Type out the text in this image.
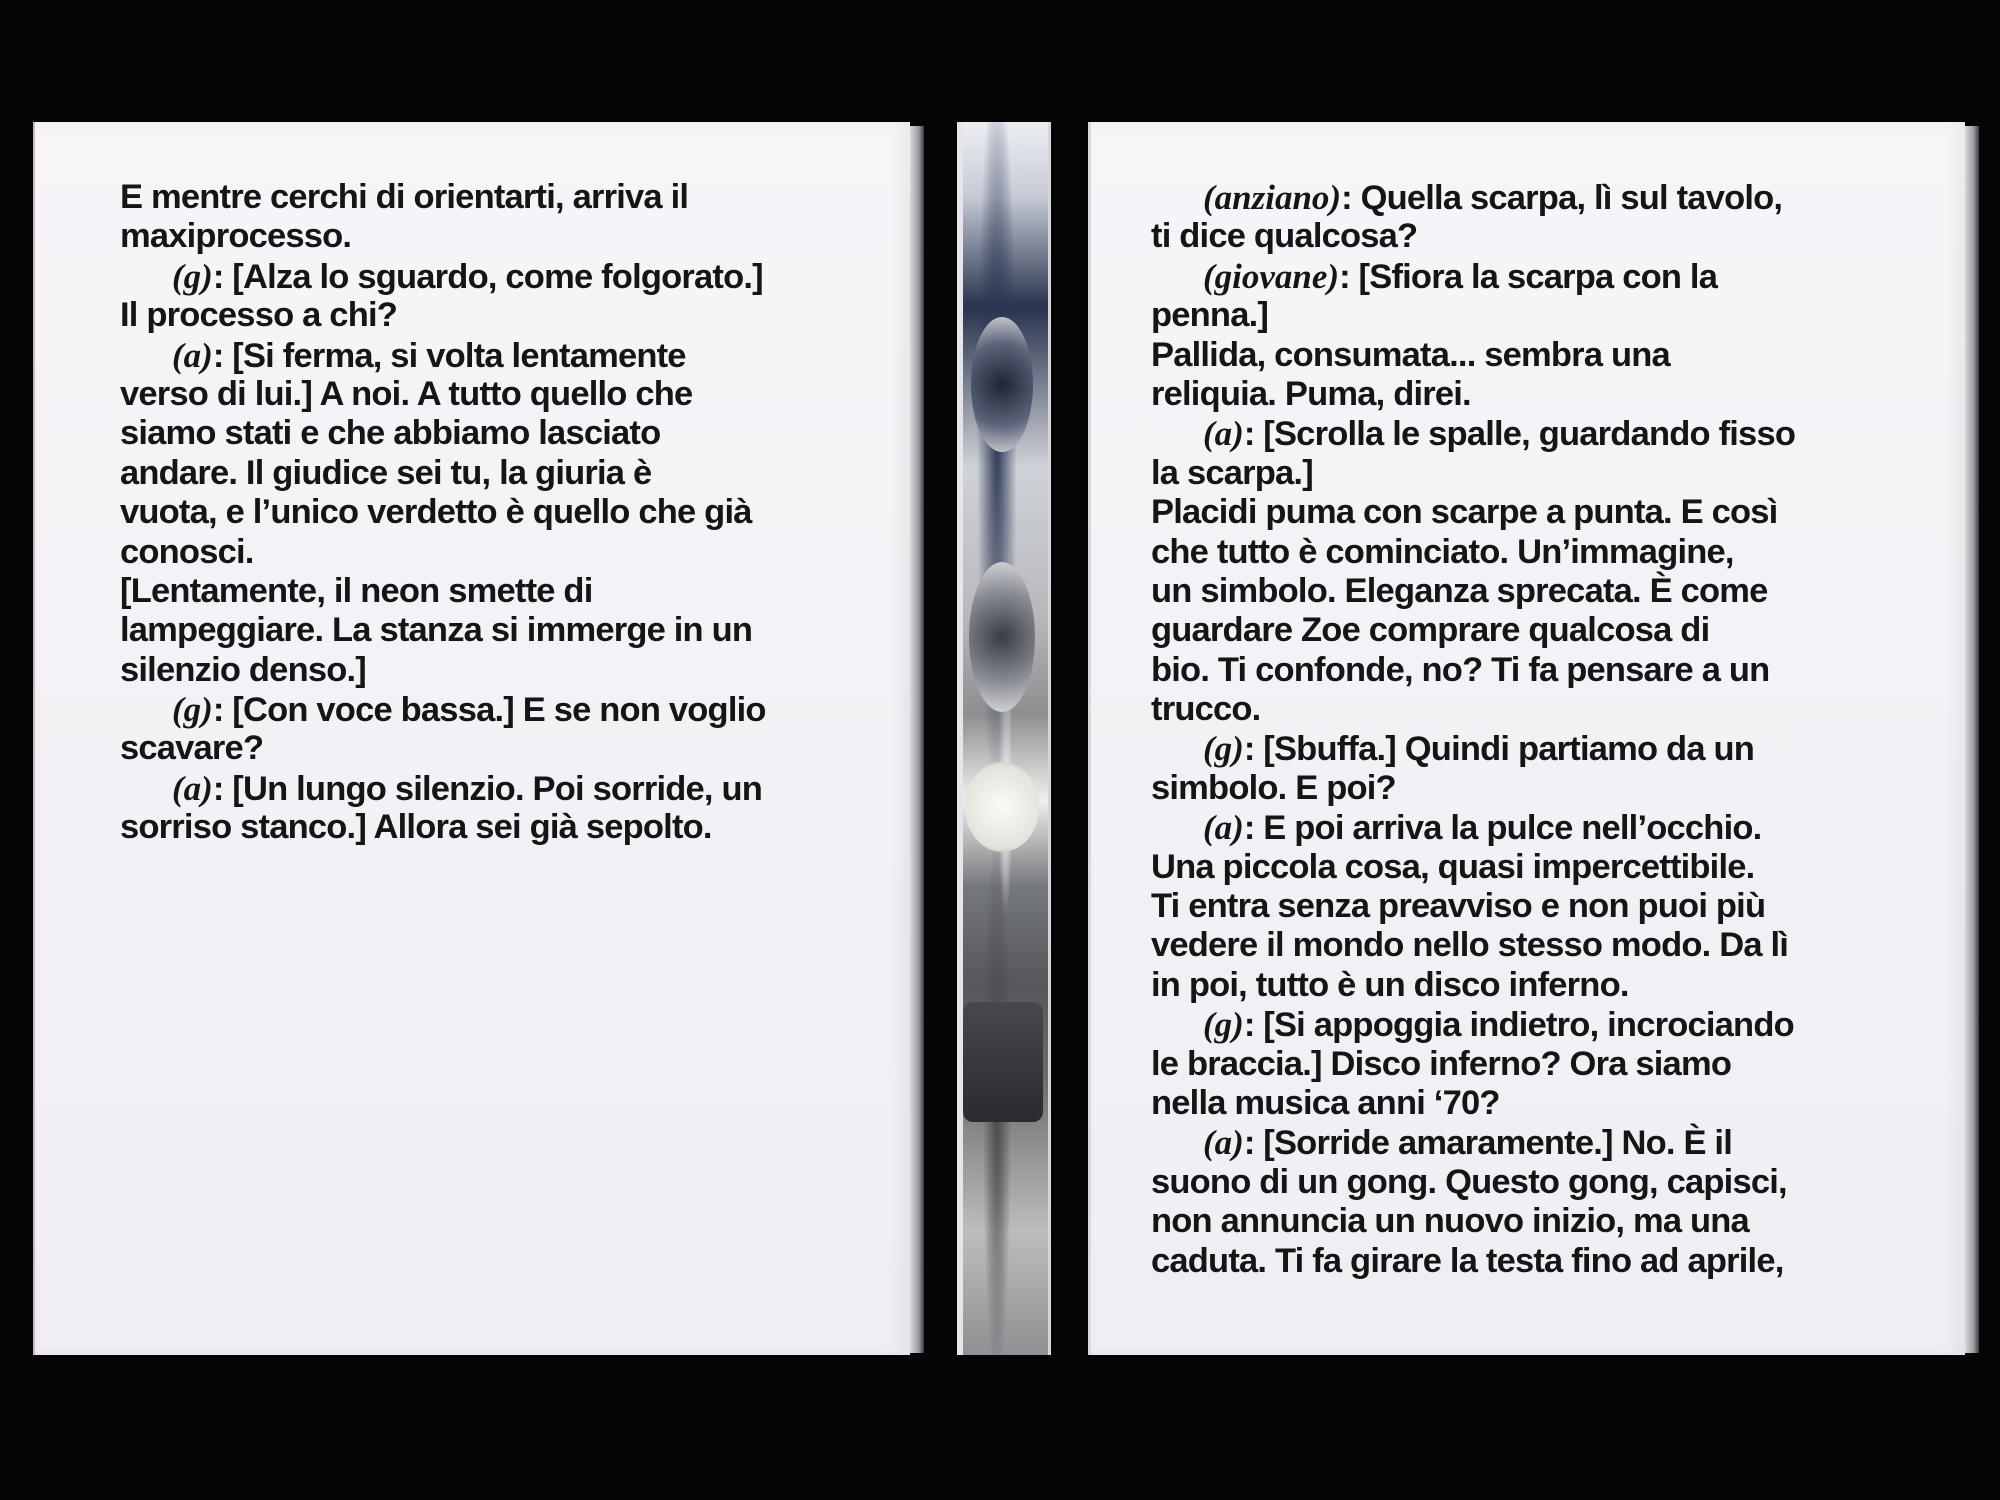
E mentre cerchi di orientarti, arriva il
maxiprocesso.
(g): [Alza lo sguardo, come folgorato.]
Il processo a chi?
(a): [Si ferma, si volta lentamente
verso di lui.] A noi. A tutto quello che
siamo stati e che abbiamo lasciato
andare. Il giudice sei tu, la giuria è
vuota, e l’unico verdetto è quello che già
conosci.
[Lentamente, il neon smette di
lampeggiare. La stanza si immerge in un
silenzio denso.]
(g): [Con voce bassa.] E se non voglio
scavare?
(a): [Un lungo silenzio. Poi sorride, un
sorriso stanco.] Allora sei già sepolto.
(anziano): Quella scarpa, lì sul tavolo,
ti dice qualcosa?
(giovane): [Sfiora la scarpa con la
penna.]
Pallida, consumata... sembra una
reliquia. Puma, direi.
(a): [Scrolla le spalle, guardando fisso
la scarpa.]
Placidi puma con scarpe a punta. E così
che tutto è cominciato. Un’immagine,
un simbolo. Eleganza sprecata. È come
guardare Zoe comprare qualcosa di
bio. Ti confonde, no? Ti fa pensare a un
trucco.
(g): [Sbuffa.] Quindi partiamo da un
simbolo. E poi?
(a): E poi arriva la pulce nell’occhio.
Una piccola cosa, quasi impercettibile.
Ti entra senza preavviso e non puoi più
vedere il mondo nello stesso modo. Da lì
in poi, tutto è un disco inferno.
(g): [Si appoggia indietro, incrociando
le braccia.] Disco inferno? Ora siamo
nella musica anni ‘70?
(a): [Sorride amaramente.] No. È il
suono di un gong. Questo gong, capisci,
non annuncia un nuovo inizio, ma una
caduta. Ti fa girare la testa fino ad aprile,
